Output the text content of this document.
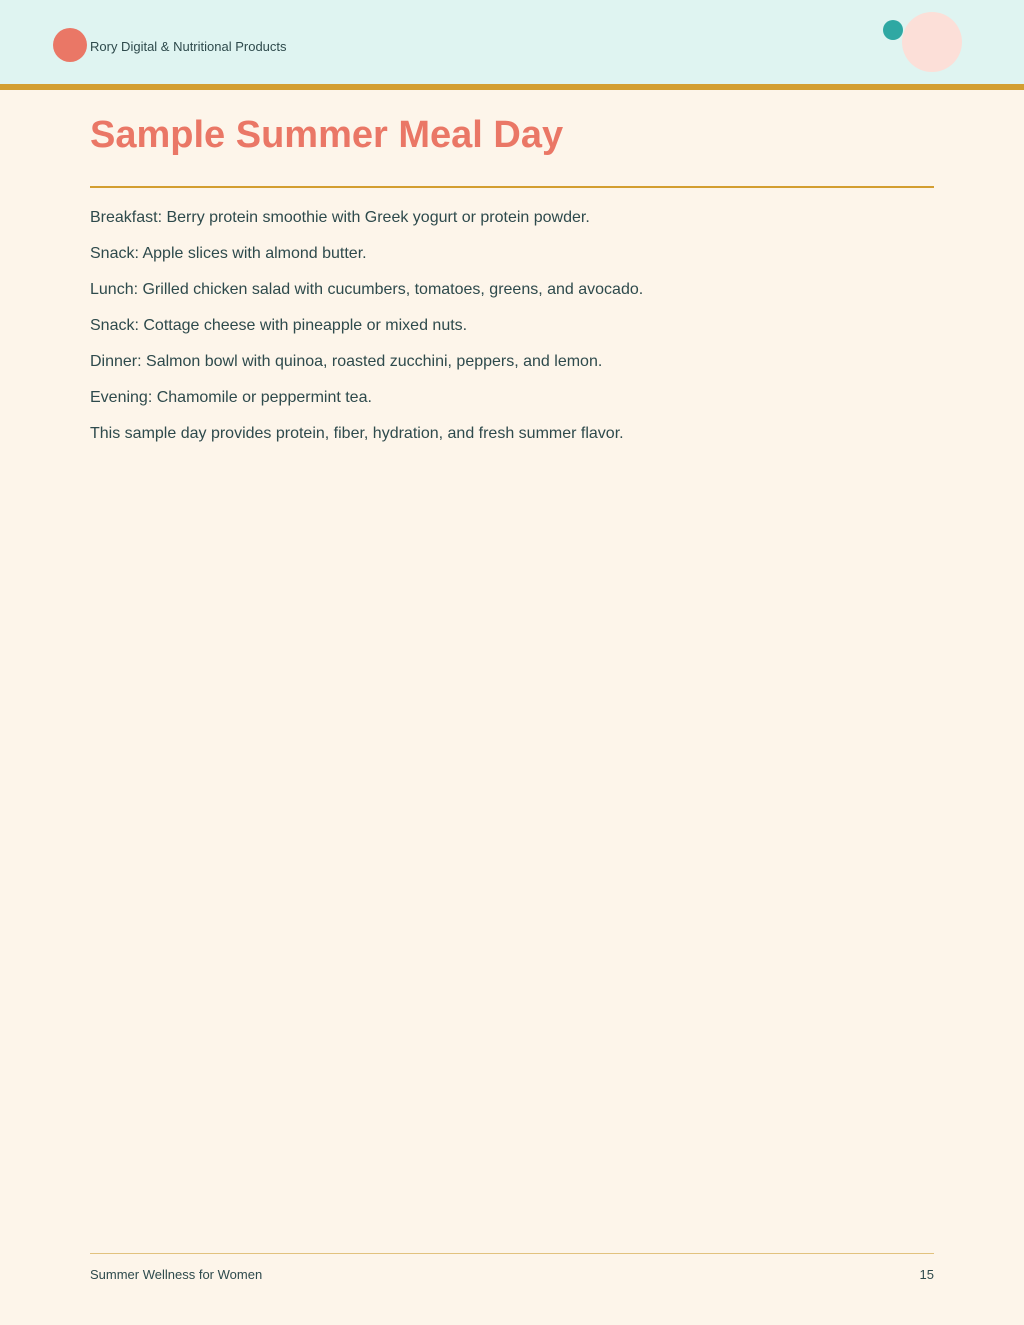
Rory Digital & Nutritional Products
Sample Summer Meal Day

Breakfast: Berry protein smoothie with Greek yogurt or protein powder.

Snack: Apple slices with almond butter.

Lunch: Grilled chicken salad with cucumbers, tomatoes, greens, and avocado.

Snack: Cottage cheese with pineapple or mixed nuts.

Dinner: Salmon bowl with quinoa, roasted zucchini, peppers, and lemon.

Evening: Chamomile or peppermint tea.

This sample day provides protein, fiber, hydration, and fresh summer flavor.

Summer Wellness for Women	15
